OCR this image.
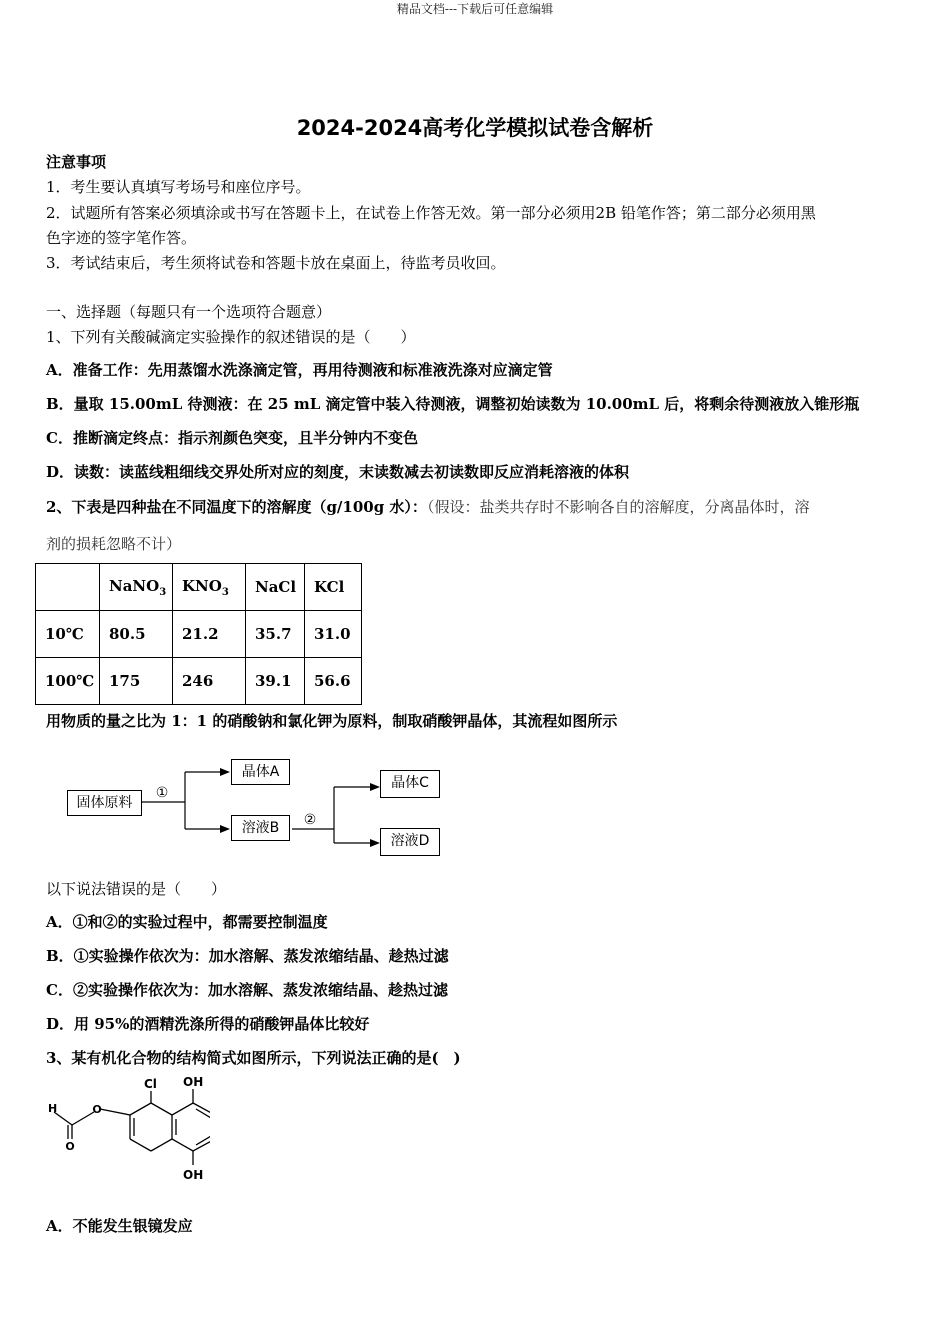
精品文档---下载后可任意编辑
2024-2024高考化学模拟试卷含解析
注意事项
1．考生要认真填写考场号和座位序号。
2．试题所有答案必须填涂或书写在答题卡上，在试卷上作答无效。第一部分必须用2B 铅笔作答；第二部分必须用黑
色字迹的签字笔作答。
3．考试结束后，考生须将试卷和答题卡放在桌面上，待监考员收回。
一、选择题（每题只有一个选项符合题意）
1、下列有关酸碱滴定实验操作的叙述错误的是（　　）
A．准备工作：先用蒸馏水洗涤滴定管，再用待测液和标准液洗涤对应滴定管
B．量取 15.00mL 待测液：在 25 mL 滴定管中装入待测液，调整初始读数为 10.00mL 后，将剩余待测液放入锥形瓶
C．推断滴定终点：指示剂颜色突变，且半分钟内不变色
D．读数：读蓝线粗细线交界处所对应的刻度，末读数减去初读数即反应消耗溶液的体积
2、下表是四种盐在不同温度下的溶解度（g/100g 水）：（假设：盐类共存时不影响各自的溶解度，分离晶体时，溶
剂的损耗忽略不计）
	NaNO$_3$	$KNO_3$	NaCl	KCl
10℃	80.5	21.2	35.7	31.0
100℃	175	246	39.1	56.6
用物质的量之比为 1：1 的硝酸钠和氯化钾为原料，制取硝酸钾晶体，其流程如图所示
①
②
固体原料
晶体A
溶液B
晶体C
溶液D
以下说法错误的是（　　）
A．①和②的实验过程中，都需要控制温度
B．①实验操作依次为：加水溶解、蒸发浓缩结晶、趁热过滤
C．②实验操作依次为：加水溶解、蒸发浓缩结晶、趁热过滤
D．用 95%的酒精洗涤所得的硝酸钾晶体比较好
3、某有机化合物的结构简式如图所示，下列说法正确的是(　)
O
O
H
Cl OH
OH
A．不能发生银镜发应
